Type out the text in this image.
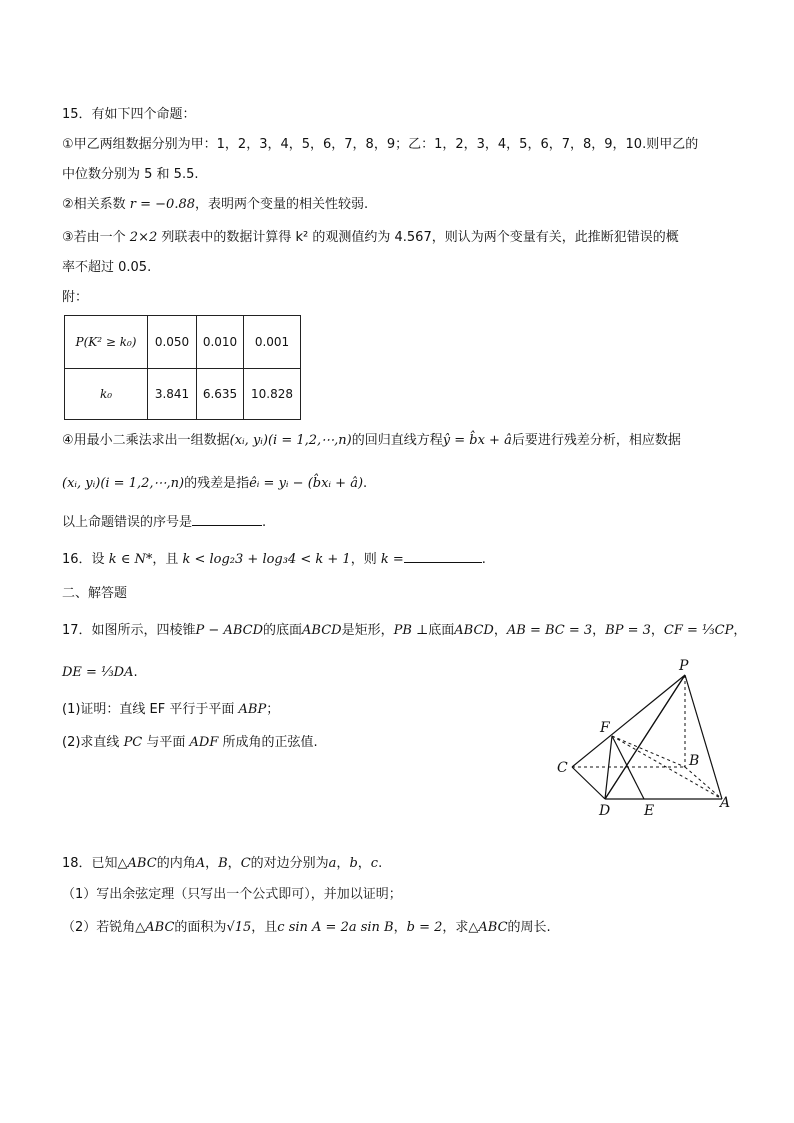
15．有如下四个命题：
①甲乙两组数据分别为甲：1，2，3，4，5，6，7，8，9；乙：1，2，3，4，5，6，7，8，9，10.则甲乙的
中位数分别为 5 和 5.5.
②相关系数 r = −0.88，表明两个变量的相关性较弱.
③若由一个 2×2 列联表中的数据计算得 k² 的观测值约为 4.567，则认为两个变量有关，此推断犯错误的概
率不超过 0.05.
附：
P(K² ≥ k₀)	0.050	0.010	0.001
k₀	3.841	6.635	10.828
④用最小二乘法求出一组数据(xᵢ, yᵢ)(i = 1,2,⋯,n)的回归直线方程ŷ = b̂x + â后要进行残差分析，相应数据
(xᵢ, yᵢ)(i = 1,2,⋯,n)的残差是指êᵢ = yᵢ − (b̂xᵢ + â).
以上命题错误的序号是	.
16．设 k ∈ N*，且 k < log₂3 + log₃4 < k + 1，则 k =	.
二、解答题
17．如图所示，四棱锥P − ABCD的底面ABCD是矩形，PB ⊥底面ABCD，AB = BC = 3，BP = 3，CF = ⅓CP，
DE = ⅓DA.
(1)证明：直线 EF 平行于平面 ABP；
(2)求直线 PC 与平面 ADF 所成角的正弦值.
P
F
B
C
D E	A
18．已知△ABC的内角A，B，C的对边分别为a，b，c.
（1）写出余弦定理（只写出一个公式即可），并加以证明；
（2）若锐角△ABC的面积为√15，且c sin A = 2a sin B，b = 2，求△ABC的周长.
